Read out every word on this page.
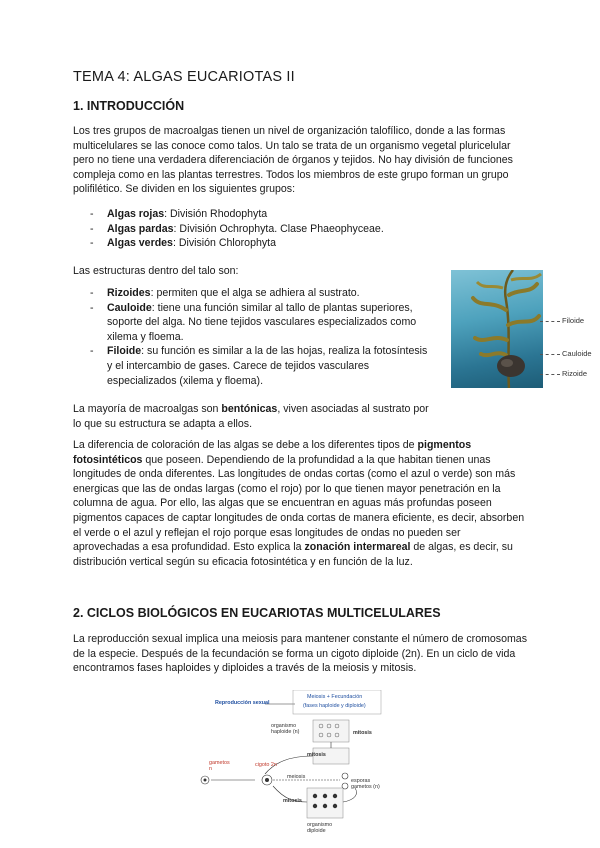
TEMA 4: ALGAS EUCARIOTAS II
1. INTRODUCCIÓN

Los tres grupos de macroalgas tienen un nivel de organización talofílico, donde a las formas multicelulares se las conoce como talos. Un talo se trata de un organismo vegetal pluricelular pero no tiene una verdadera diferenciación de órganos y tejidos. No hay división de funciones compleja como en las plantas terrestres. Todos los miembros de este grupo forman un grupo polifilético. Se dividen en los siguientes grupos:

- Algas rojas: División Rhodophyta
- Algas pardas: División Ochrophyta. Clase Phaeophyceae.
- Algas verdes: División Chlorophyta

Las estructuras dentro del talo son:

- Rizoides: permiten que el alga se adhiera al sustrato.
- Cauloide: tiene una función similar al tallo de plantas superiores, soporte del alga. No tiene tejidos vasculares especializados como xilema y floema.
- Filoide: su función es similar a la de las hojas, realiza la fotosíntesis y el intercambio de gases. Carece de tejidos vasculares especializados (xilema y floema).
Filoide
Cauloide
Rizoide

La mayoría de macroalgas son bentónicas, viven asociadas al sustrato por lo que su estructura se adapta a ellos.

La diferencia de coloración de las algas se debe a los diferentes tipos de pigmentos fotosintéticos que poseen. Dependiendo de la profundidad a la que habitan tienen unas longitudes de onda diferentes. Las longitudes de ondas cortas (como el azul o verde) son más energicas que las de ondas largas (como el rojo) por lo que tienen mayor penetración en la columna de agua. Por ello, las algas que se encuentran en aguas más profundas poseen pigmentos capaces de captar longitudes de onda cortas de manera eficiente, es decir, absorben el verde o el azul y reflejan el rojo porque esas longitudes de ondas no pueden ser aprovechadas a esa profundidad. Esto explica la zonación intermareal de algas, es decir, su distribución vertical según su eficacia fotosintética y en función de la luz.

2. CICLOS BIOLÓGICOS EN EUCARIOTAS MULTICELULARES

La reproducción sexual implica una meiosis para mantener constante el número de cromosomas de la especie. Después de la fecundación se forma un cigoto diploide (2n). En un ciclo de vida encontramos fases haploides y diploides a través de la meiosis y mitosis.

Reproducción sexual
Meiosis + Fecundación
(fases haploide y diploide)
organismo haploide (n)	mitosis
mitosis
gametos n
cigoto 2n
meiosis
esporas gametos (n)
mitosis
organismo diploide
